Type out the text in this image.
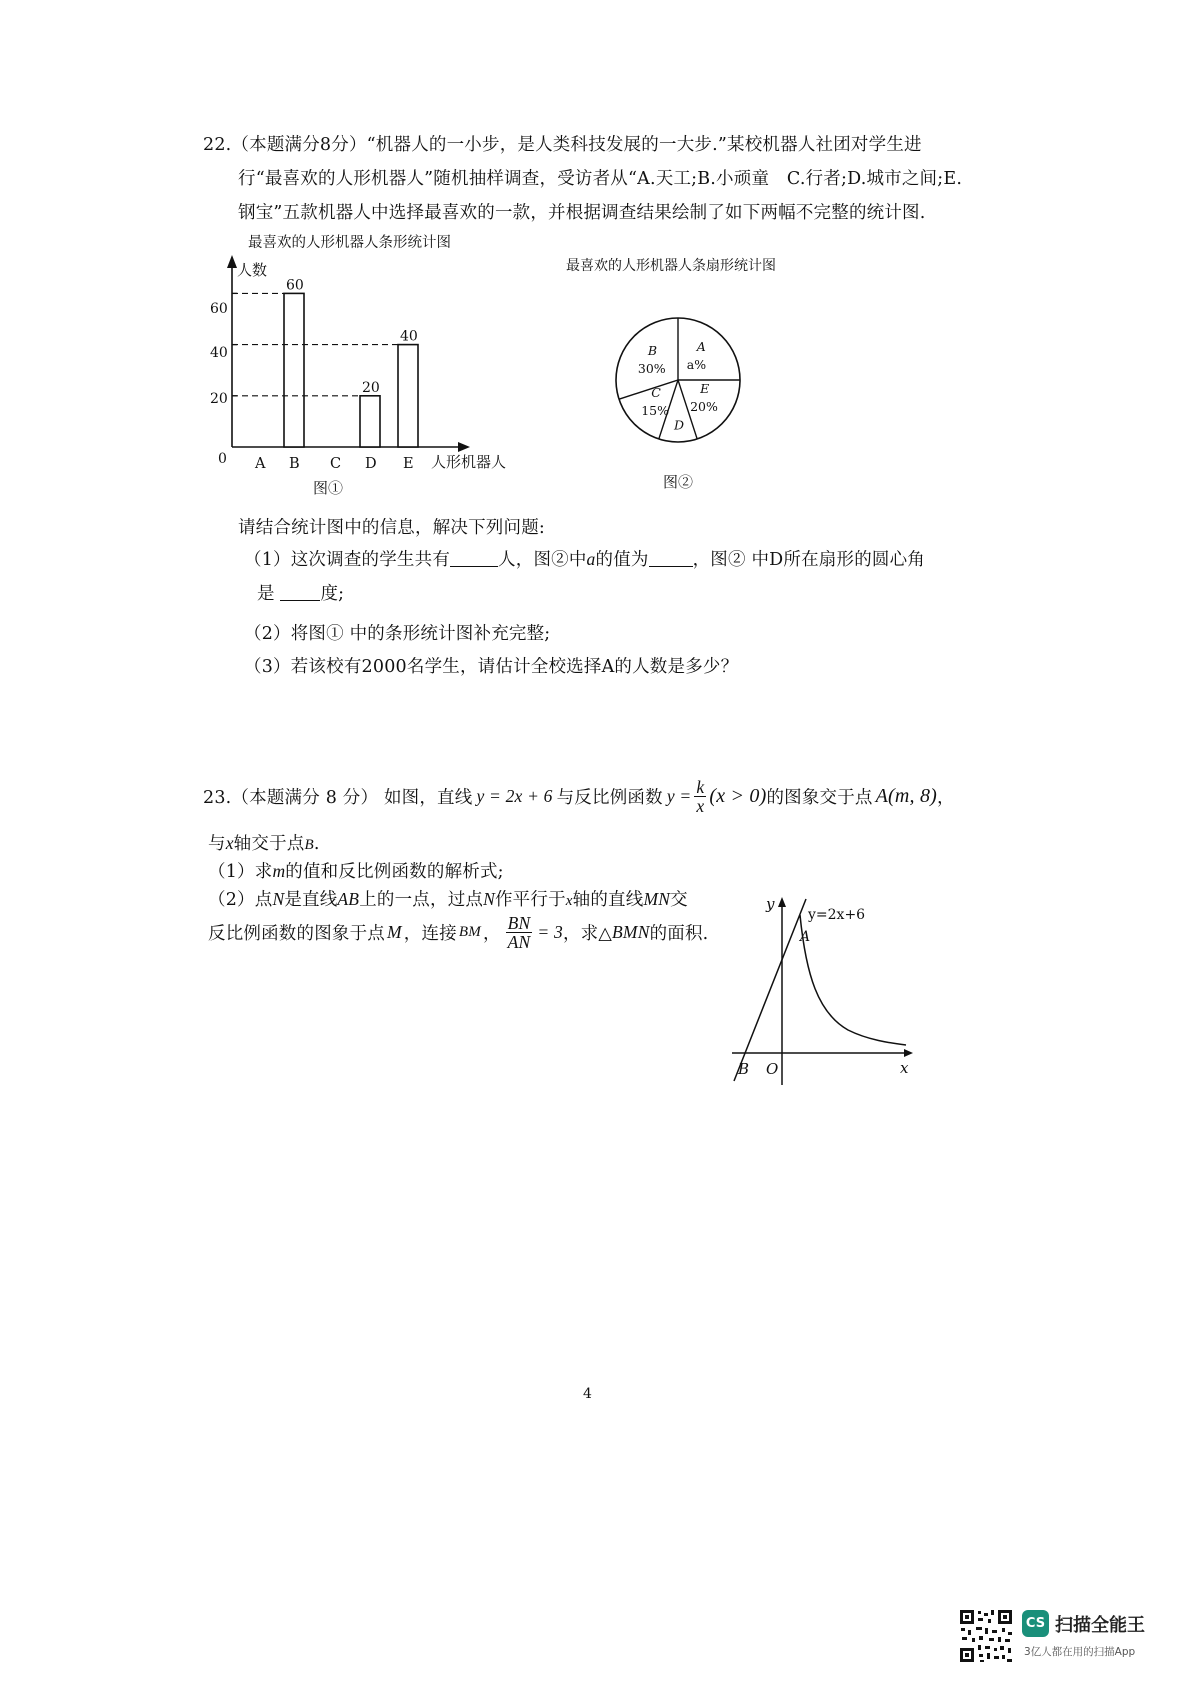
22.（本题满分8分）“机器人的一小步，是人类科技发展的一大步.”某校机器人社团对学生进
行“最喜欢的人形机器人”随机抽样调查，受访者从“A.天工;B.小顽童　C.行者;D.城市之间;E.
钢宝”五款机器人中选择最喜欢的一款，并根据调查结果绘制了如下两幅不完整的统计图.
最喜欢的人形机器人条形统计图
人数
人形机器人
0
20
40
60
A B
60
C D
20
E
40
图①
最喜欢的人形机器人条扇形统计图
A
a%
E
20%
D
C
15%
B
30%
图②
请结合统计图中的信息，解决下列问题:
（1）这次调查的学生共有	人，图②中a的值为	，图② 中D所在扇形的圆心角
是	度;
（2）将图① 中的条形统计图补充完整;
（3）若该校有2000名学生，请估计全校选择A的人数是多少？
23.（本题满分 8 分） 如图，直线 y = 2x + 6 与反比例函数 $y = \frac{k}{x} (x > 0)$ 的图象交于点 A(m, 8) ，
与x轴交于点B.
（1）求m的值和反比例函数的解析式;
（2）点N是直线AB上的一点，过点N作平行于x轴的直线MN交
反比例函数的图象于点 M ，连接 BM ， $\frac{BN}{AN} = 3$ ，求△ BMN 的面积.
y
x
O
B
A
y=2x+6
4
CS 扫描全能王
3亿人都在用的扫描App
